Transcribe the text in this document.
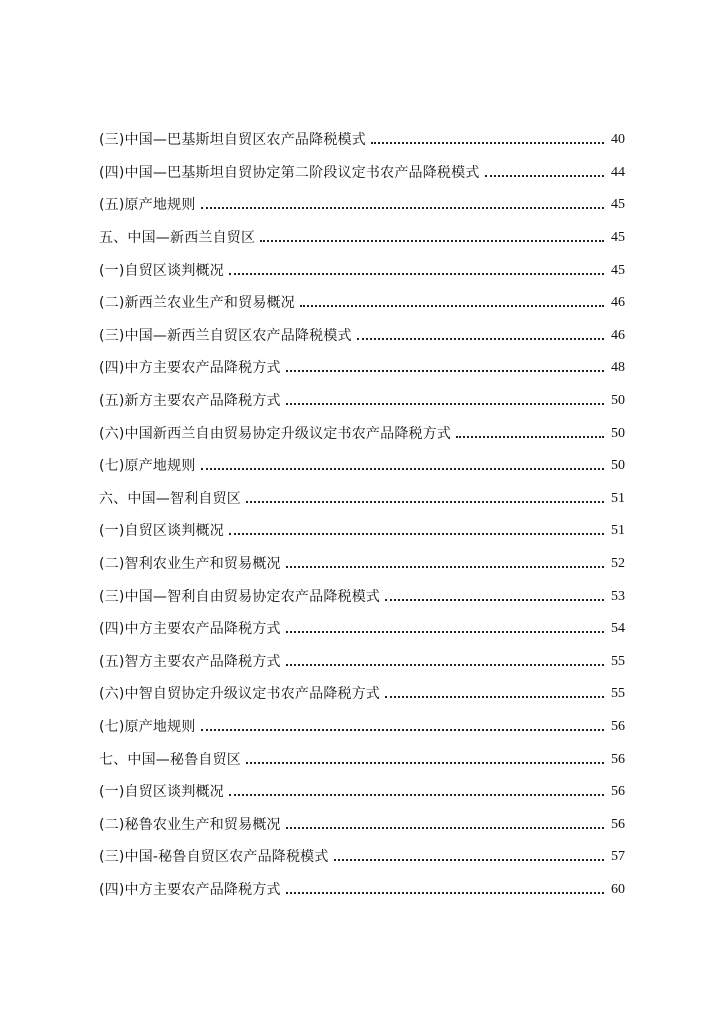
(三)中国—巴基斯坦自贸区农产品降税模式	40
(四)中国—巴基斯坦自贸协定第二阶段议定书农产品降税模式	44
(五)原产地规则	45
五、中国—新西兰自贸区	45
(一)自贸区谈判概况	45
(二)新西兰农业生产和贸易概况	46
(三)中国—新西兰自贸区农产品降税模式	46
(四)中方主要农产品降税方式	48
(五)新方主要农产品降税方式	50
(六)中国新西兰自由贸易协定升级议定书农产品降税方式	50
(七)原产地规则	50
六、中国—智利自贸区	51
(一)自贸区谈判概况	51
(二)智利农业生产和贸易概况	52
(三)中国—智利自由贸易协定农产品降税模式	53
(四)中方主要农产品降税方式	54
(五)智方主要农产品降税方式	55
(六)中智自贸协定升级议定书农产品降税方式	55
(七)原产地规则	56
七、中国—秘鲁自贸区	56
(一)自贸区谈判概况	56
(二)秘鲁农业生产和贸易概况	56
(三)中国-秘鲁自贸区农产品降税模式	57
(四)中方主要农产品降税方式	60
